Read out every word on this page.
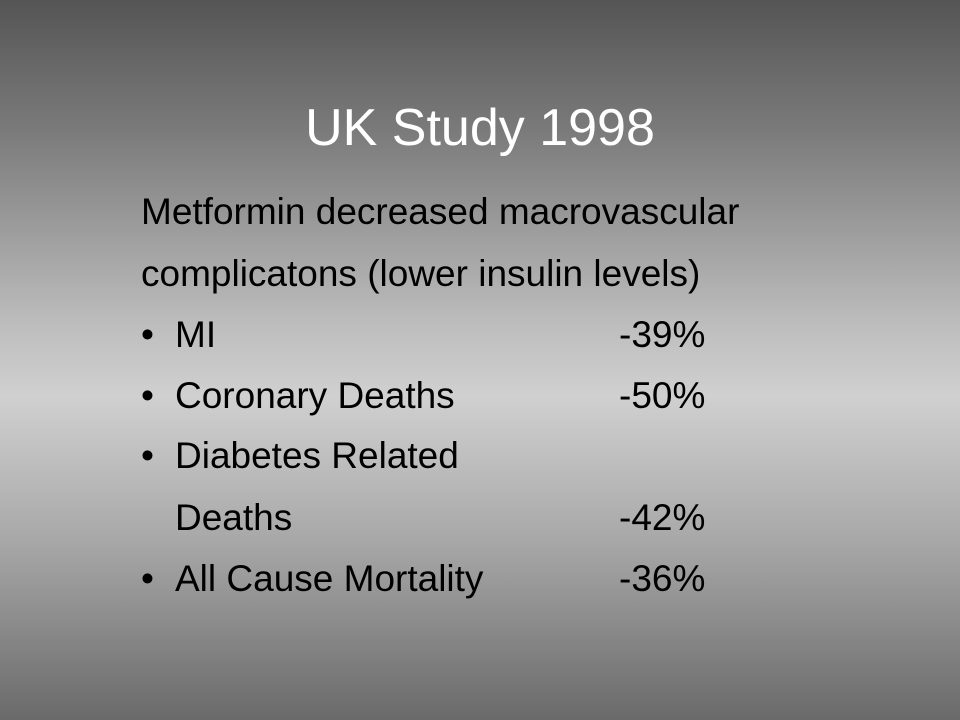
UK Study 1998
Metformin decreased macrovascular
complicatons (lower insulin levels)
• MI	-39%
• Coronary Deaths	-50%
• Diabetes Related
Deaths	-42%
• All Cause Mortality	-36%
